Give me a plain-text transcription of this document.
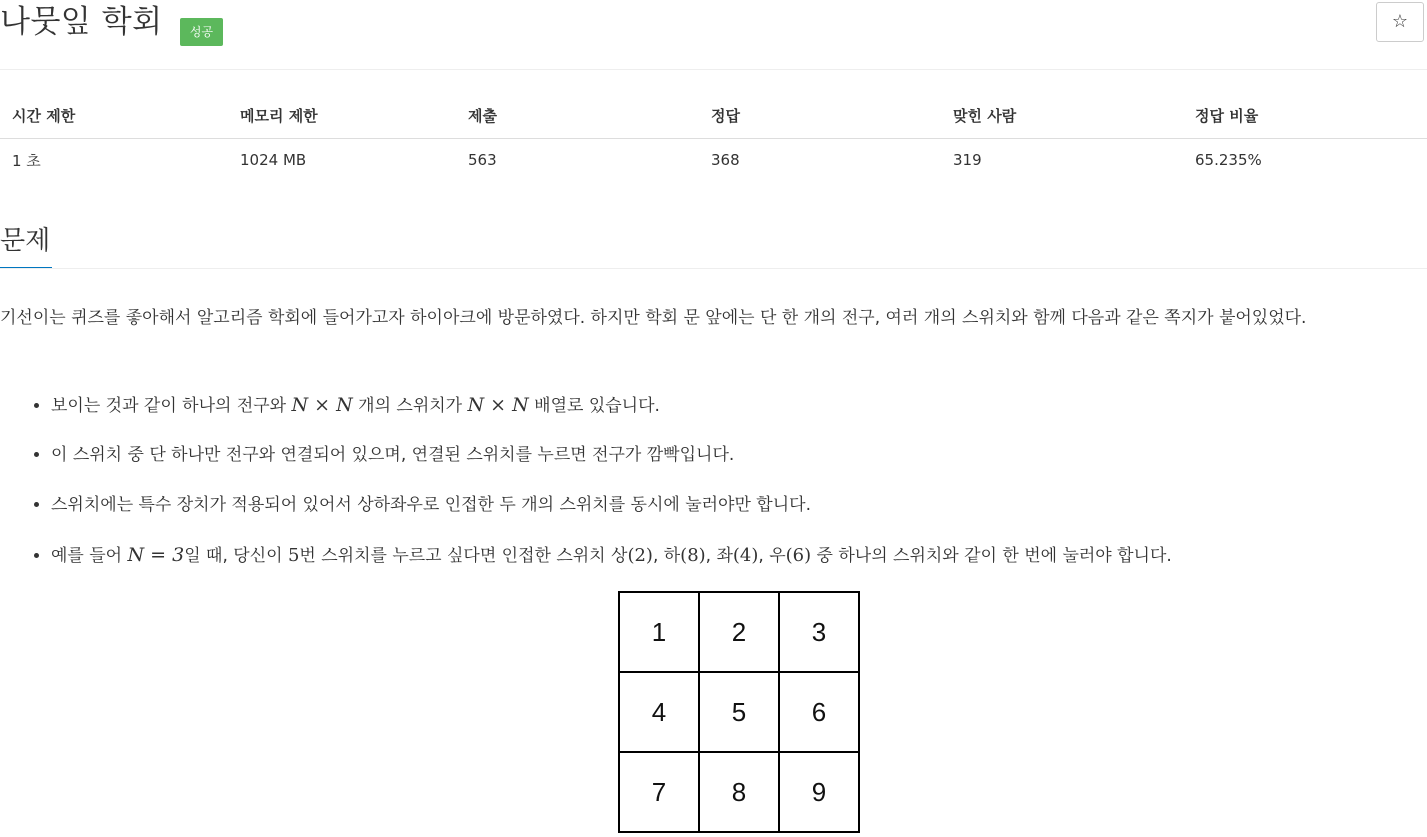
나뭇잎 학회	성공	☆
시간 제한	메모리 제한	제출	정답	맞힌 사람	정답 비율
1 초	1024 MB	563	368	319	65.235%
문제
기선이는 퀴즈를 좋아해서 알고리즘 학회에 들어가고자 하이아크에 방문하였다. 하지만 학회 문 앞에는 단 한 개의 전구, 여러 개의 스위치와 함께 다음과 같은 쪽지가 붙어있었다.
• 보이는 것과 같이 하나의 전구와 N × N 개의 스위치가 N × N 배열로 있습니다.
• 이 스위치 중 단 하나만 전구와 연결되어 있으며, 연결된 스위치를 누르면 전구가 깜빡입니다.
• 스위치에는 특수 장치가 적용되어 있어서 상하좌우로 인접한 두 개의 스위치를 동시에 눌러야만 합니다.
• 예를 들어 N = 3일 때, 당신이 5번 스위치를 누르고 싶다면 인접한 스위치 상(2), 하(8), 좌(4), 우(6) 중 하나의 스위치와 같이 한 번에 눌러야 합니다.
1	2	3
4	5	6
7	8	9
